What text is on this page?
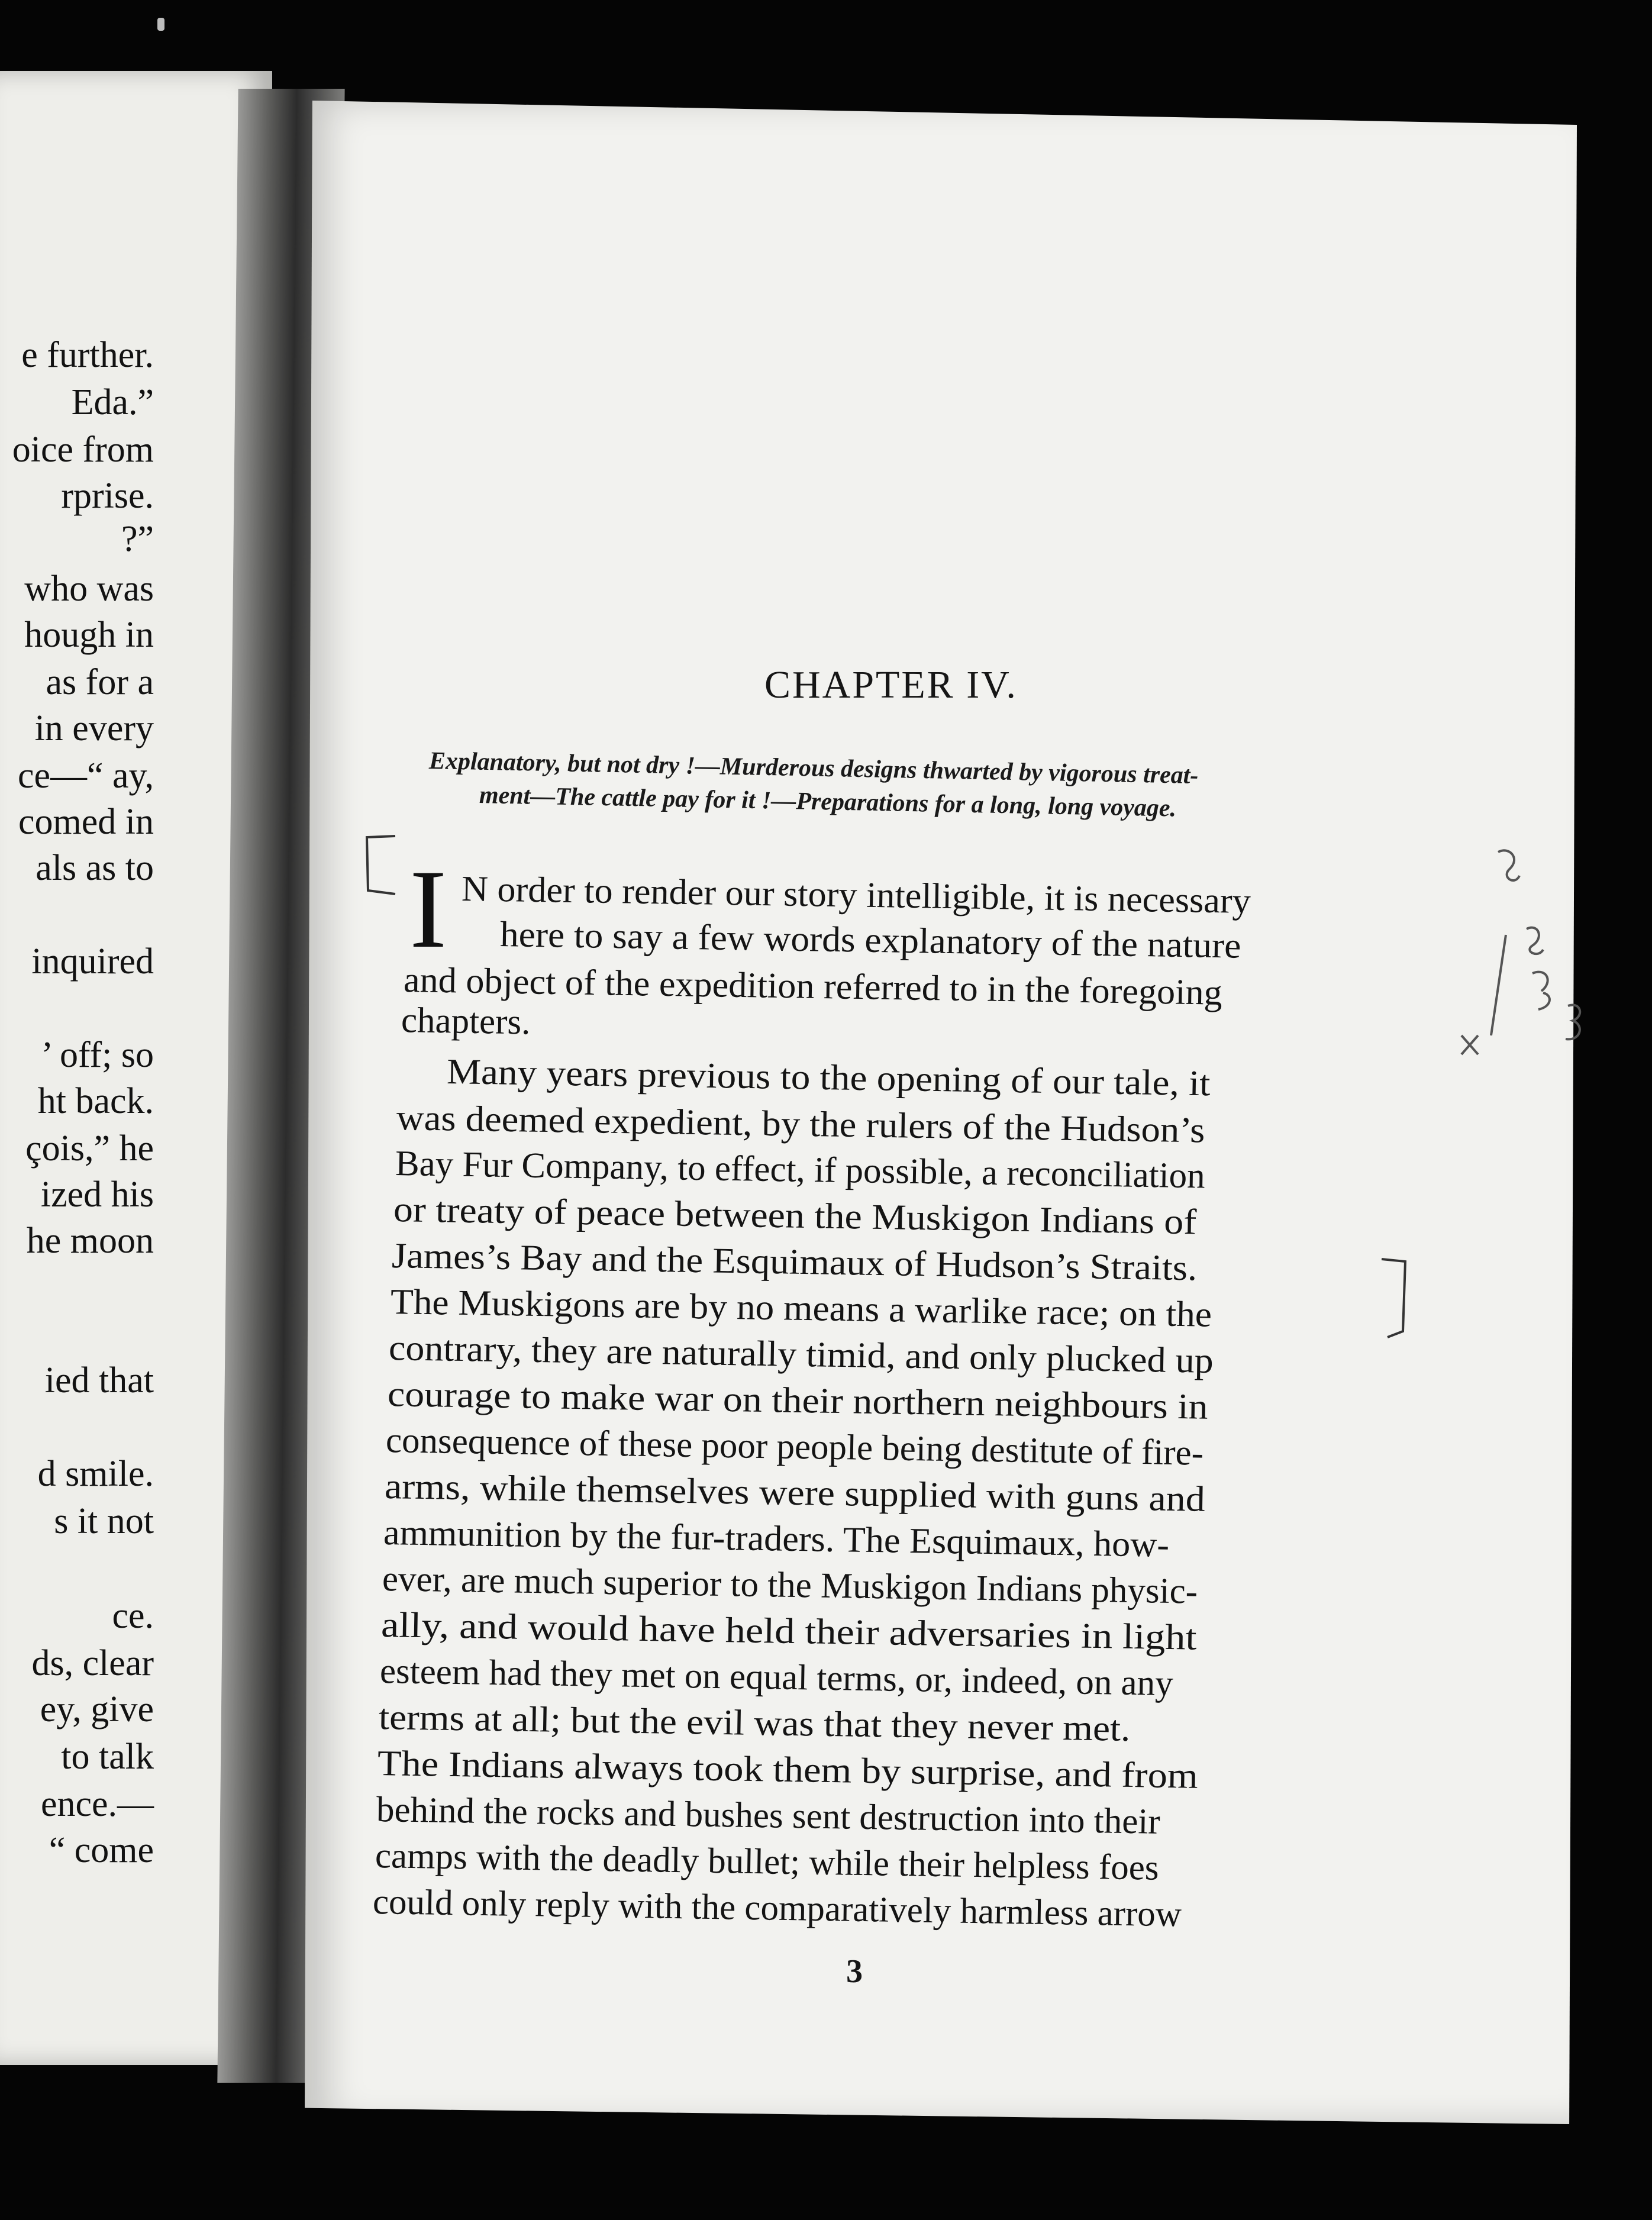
e further.
Eda.”
oice from
rprise.
?”
who was
hough in
as for a
in every
ce—“ ay,
comed in
als as to
inquired
’ off; so
ht back.
çois,” he
ized his
he moon
ied that
d smile.
s it not
ce.
ds, clear
ey, give
to talk
ence.—
“ come
CHAPTER IV.
Explanatory, but not dry !—Murderous designs thwarted by vigorous treat-
ment—The cattle pay for it !—Preparations for a long, long voyage.
I N order to render our story intelligible, it is necessary
here to say a few words explanatory of the nature
and object of the expedition referred to in the foregoing
chapters.
Many years previous to the opening of our tale, it
was deemed expedient, by the rulers of the Hudson’s
Bay Fur Company, to effect, if possible, a reconciliation
or treaty of peace between the Muskigon Indians of
James’s Bay and the Esquimaux of Hudson’s Straits.
The Muskigons are by no means a warlike race; on the
contrary, they are naturally timid, and only plucked up
courage to make war on their northern neighbours in
consequence of these poor people being destitute of fire-
arms, while themselves were supplied with guns and
ammunition by the fur-traders. The Esquimaux, how-
ever, are much superior to the Muskigon Indians physic-
ally, and would have held their adversaries in light
esteem had they met on equal terms, or, indeed, on any
terms at all; but the evil was that they never met.
The Indians always took them by surprise, and from
behind the rocks and bushes sent destruction into their
camps with the deadly bullet; while their helpless foes
could only reply with the comparatively harmless arrow
3
